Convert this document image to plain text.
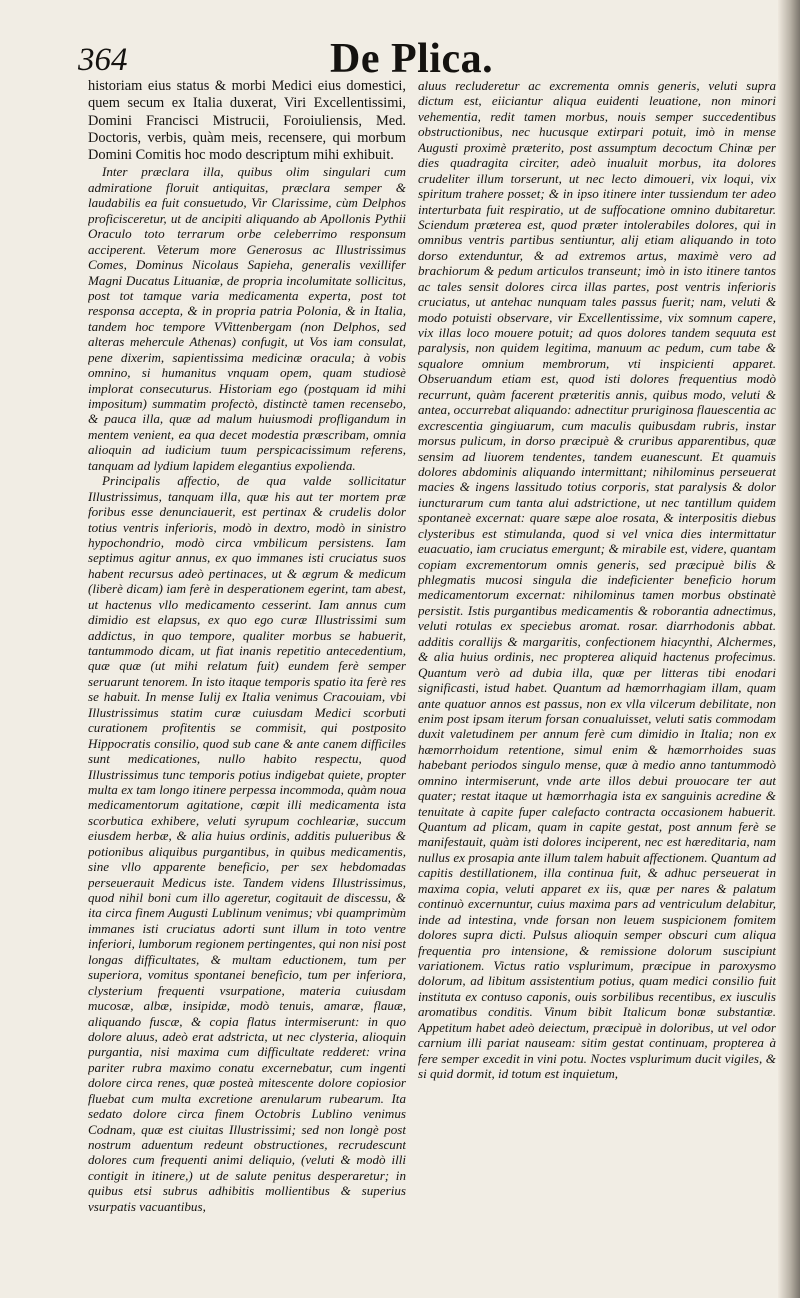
364	De Plica.

historiam eius status & morbi Medici eius domestici, quem secum ex Italia duxerat, Viri Excellentissimi, Domini Francisci Mistrucii, Foroiuliensis, Med. Doctoris, verbis, quàm meis, recensere, qui morbum Domini Comitis hoc modo descriptum mihi exhibuit.

Inter præclara illa, quibus olim singulari cum admiratione floruit antiquitas, præclara semper & laudabilis ea fuit consuetudo, Vir Clarissime, cùm Delphos proficisceretur, ut de ancipiti aliquando ab Apollonis Pythii Oraculo toto terrarum orbe celeberrimo responsum acciperent. Veterum more Generosus ac Illustrissimus Comes, Dominus Nicolaus Sapieha, generalis vexillifer Magni Ducatus Lituaniæ, de propria incolumitate sollicitus, post tot tamque varia medicamenta experta, post tot responsa accepta, & in propria patria Polonia, & in Italia, tandem hoc tempore VVittenbergam (non Delphos, sed alteras mehercule Athenas) confugit, ut Vos iam consulat, pene dixerim, sapientissima medicinæ oracula; à vobis omnino, si humanitus vnquam opem, quam studiosè implorat consecuturus. Historiam ego (postquam id mihi impositum) summatim profectò, distinctè tamen recensebo, & pauca illa, quæ ad malum huiusmodi profligandum in mentem venient, ea qua decet modestia præscribam, omnia alioquin ad iudicium tuum perspicacissimum referens, tanquam ad lydium lapidem elegantius expolienda.

Principalis affectio, de qua valde sollicitatur Illustrissimus, tanquam illa, quæ his aut ter mortem præ foribus esse denunciauerit, est pertinax & crudelis dolor totius ventris inferioris, modò in dextro, modò in sinistro hypochondrio, modò circa vmbilicum persistens. Iam septimus agitur annus, ex quo immanes isti cruciatus suos habent recursus adeò pertinaces, ut & ægrum & medicum (liberè dicam) iam ferè in desperationem egerint, tam abest, ut hactenus vllo medicamento cesserint. Iam annus cum dimidio est elapsus, ex quo ego curæ Illustrissimi sum addictus, in quo tempore, qualiter morbus se habuerit, tantummodo dicam, ut fiat inanis repetitio antecedentium, quæ quæ (ut mihi relatum fuit) eundem ferè semper seruarunt tenorem. In isto itaque temporis spatio ita ferè res se habuit. In mense Iulij ex Italia venimus Cracouiam, vbi Illustrissimus statim curæ cuiusdam Medici scorbuti curationem profitentis se commisit, qui postposito Hippocratis consilio, quod sub cane & ante canem difficiles sunt medicationes, nullo habito respectu, quod Illustrissimus tunc temporis potius indigebat quiete, propter multa ex tam longo itinere perpessa incommoda, quàm noua medicamentorum agitatione, cœpit illi medicamenta ista scorbutica exhibere, veluti syrupum cochleariæ, succum eiusdem herbæ, & alia huius ordinis, additis pulueribus & potionibus aliquibus purgantibus, in quibus medicamentis, sine vllo apparente beneficio, per sex hebdomadas perseuerauit Medicus iste. Tandem videns Illustrissimus, quod nihil boni cum illo ageretur, cogitauit de discessu, & ita circa finem Augusti Lublinum venimus; vbi quamprimùm immanes isti cruciatus adorti sunt illum in toto ventre inferiori, lumborum regionem pertingentes, qui non nisi post longas difficultates, & multam eductionem, tum per superiora, vomitus spontanei beneficio, tum per inferiora, clysterium frequenti vsurpatione, materia cuiusdam mucosæ, albæ, insipidæ, modò tenuis, amaræ, flauæ, aliquando fuscæ, & copia flatus intermiserunt: in quo dolore aluus, adeò erat adstricta, ut nec clysteria, alioquin purgantia, nisi maxima cum difficultate redderet: vrina pariter rubra maximo conatu excernebatur, cum ingenti dolore circa renes, quæ posteà mitescente dolore copiosior fluebat cum multa excretione arenularum rubearum. Ita sedato dolore circa finem Octobris Lublino venimus Codnam, quæ est ciuitas Illustrissimi; sed non longè post nostrum aduentum redeunt obstructiones, recrudescunt dolores cum frequenti animi deliquio, (veluti & modò illi contigit in itinere,) ut de salute penitus desperaretur; in quibus etsi subrus adhibitis mollientibus & superius vsurpatis vacuantibus,

aluus recluderetur ac excrementa omnis generis, veluti supra dictum est, eiiciantur aliqua euidenti leuatione, non minori vehementia, redit tamen morbus, nouis semper succedentibus obstructionibus, nec hucusque extirpari potuit, imò in mense Augusti proximè præterito, post assumptum decoctum Chinæ per dies quadragita circiter, adeò inualuit morbus, ita dolores crudeliter illum torserunt, ut nec lecto dimoueri, vix loqui, vix spiritum trahere posset; & in ipso itinere inter tussiendum ter adeo interturbata fuit respiratio, ut de suffocatione omnino dubitaretur. Sciendum præterea est, quod præter intolerabiles dolores, qui in omnibus ventris partibus sentiuntur, alij etiam aliquando in toto dorso extenduntur, & ad extremos artus, maximè vero ad brachiorum & pedum articulos transeunt; imò in isto itinere tantos ac tales sensit dolores circa illas partes, post ventris inferioris cruciatus, ut antehac nunquam tales passus fuerit; nam, veluti & modo potuisti observare, vir Excellentissime, vix somnum capere, vix illas loco mouere potuit; ad quos dolores tandem sequuta est paralysis, non quidem legitima, manuum ac pedum, cum tabe & squalore omnium membrorum, vti inspicienti apparet. Obseruandum etiam est, quod isti dolores frequentius modò recurrunt, quàm facerent præteritis annis, quibus modo, veluti & antea, occurrebat aliquando: adnectitur pruriginosa flauescentia ac excrescentia gingiuarum, cum maculis quibusdam rubris, instar morsus pulicum, in dorso præcipuè & cruribus apparentibus, quæ sensim ad liuorem tendentes, tandem euanescunt. Et quamuis dolores abdominis aliquando intermittant; nihilominus perseuerat macies & ingens lassitudo totius corporis, stat paralysis & dolor iuncturarum cum tanta alui adstrictione, ut nec tantillum quidem spontaneè excernat: quare sæpe aloe rosata, & interpositis diebus clysteribus est stimulanda, quod si vel vnica dies intermittatur euacuatio, iam cruciatus emergunt; & mirabile est, videre, quantam copiam excrementorum omnis generis, sed præcipuè bilis & phlegmatis mucosi singula die indeficienter beneficio horum medicamentorum excernat: nihilominus tamen morbus obstinatè persistit. Istis purgantibus medicamentis & roborantia adnectimus, veluti rotulas ex speciebus aromat. rosar. diarrhodonis abbat. additis corallijs & margaritis, confectionem hiacynthi, Alchermes, & alia huius ordinis, nec propterea aliquid hactenus profecimus. Quantum verò ad dubia illa, quæ per litteras tibi enodari significasti, istud habet. Quantum ad hæmorrhagiam illam, quam ante quatuor annos est passus, non ex vlla vilcerum debilitate, non enim post ipsam iterum forsan conualuisset, veluti satis commodam duxit valetudinem per annum ferè cum dimidio in Italia; non ex hæmorrhoidum retentione, simul enim & hæmorrhoides suas habebant periodos singulo mense, quæ à medio anno tantummodò omnino intermiserunt, vnde arte illos debui prouocare ter aut quater; restat itaque ut hæmorrhagia ista ex sanguinis acredine & tenuitate à capite fuper calefacto contracta occasionem habuerit. Quantum ad plicam, quam in capite gestat, post annum ferè se manifestauit, quàm isti dolores inciperent, nec est hæreditaria, nam nullus ex prosapia ante illum talem habuit affectionem. Quantum ad capitis destillationem, illa continua fuit, & adhuc perseuerat in maxima copia, veluti apparet ex iis, quæ per nares & palatum continuò excernuntur, cuius maxima pars ad ventriculum delabitur, inde ad intestina, vnde forsan non leuem suspicionem fomitem dolores supra dicti. Pulsus alioquin semper obscuri cum aliqua frequentia pro intensione, & remissione dolorum suscipiunt variationem. Victus ratio vsplurimum, præcipue in paroxysmo dolorum, ad libitum assistentium potius, quam medici consilio fuit instituta ex contuso caponis, ouis sorbilibus recentibus, ex iusculis aromatibus conditis. Vinum bibit Italicum bonæ substantiæ. Appetitum habet adeò deiectum, præcipuè in doloribus, ut vel odor carnium illi pariat nauseam: sitim gestat continuam, propterea à fere semper excedit in vini potu. Noctes vsplurimum ducit vigiles, & si quid dormit, id totum est inquietum,
